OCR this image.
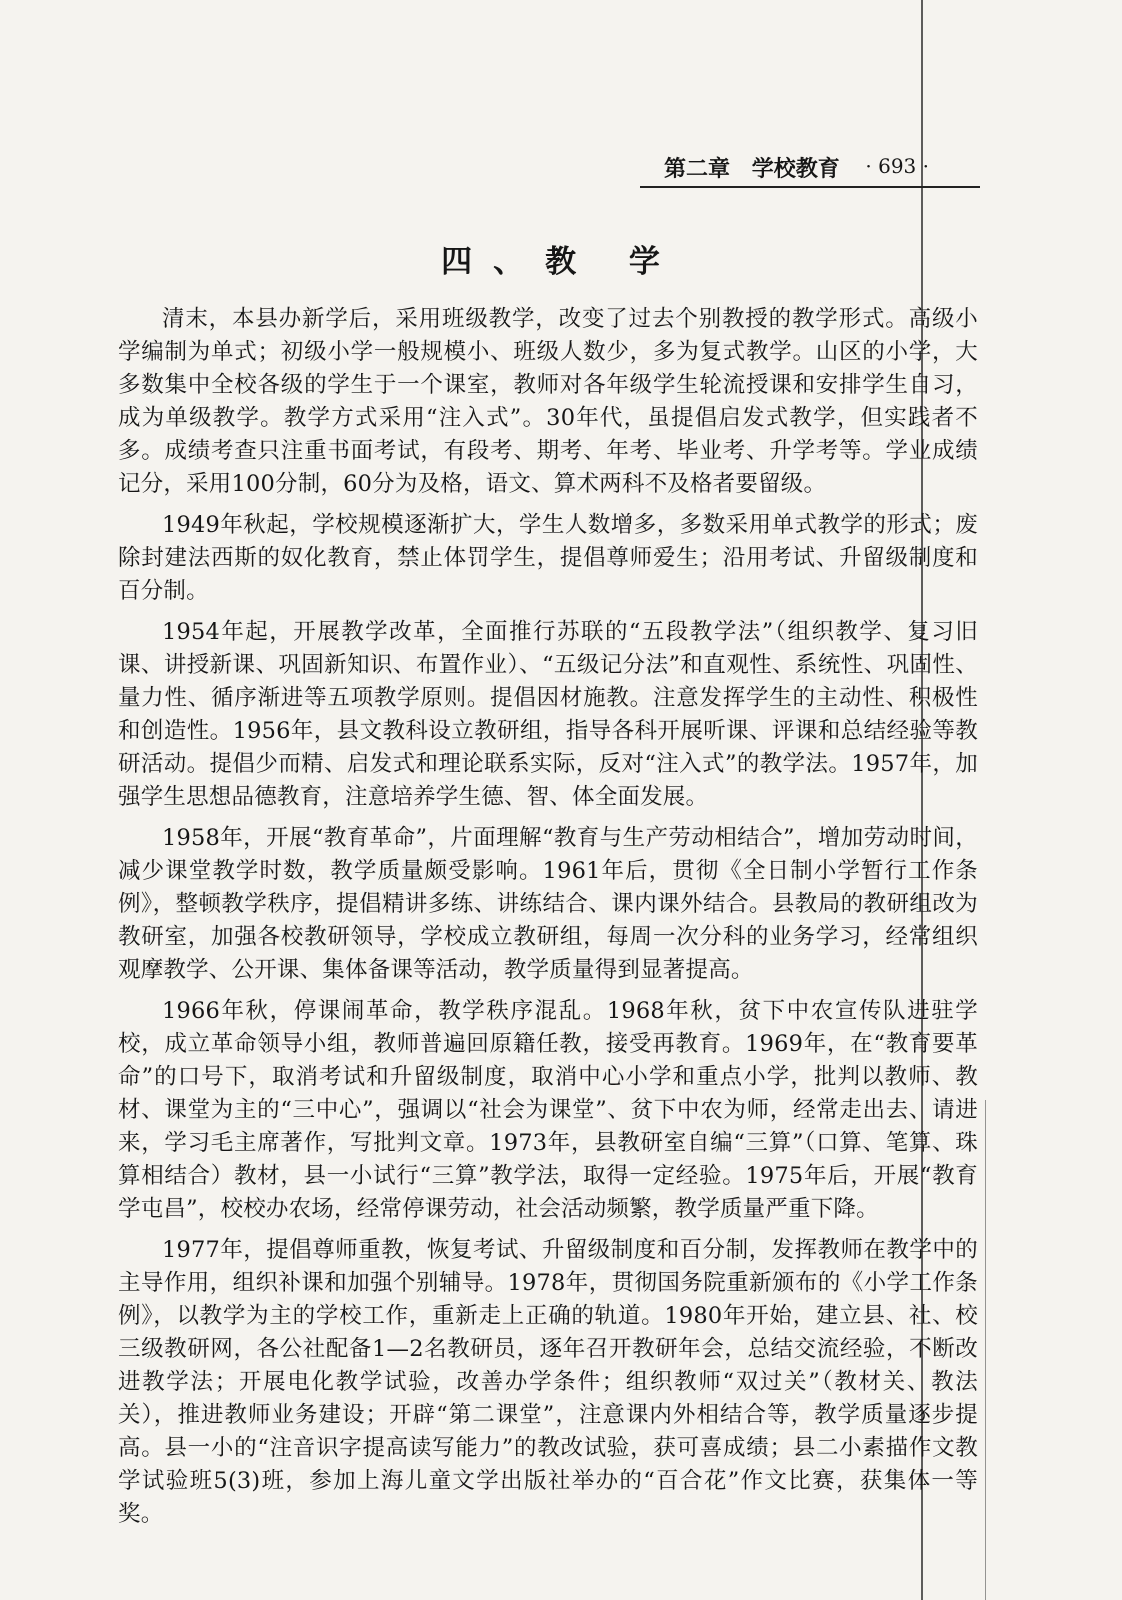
第二章 学校教育 · 693 ·
四、教 学

清末，本县办新学后，采用班级教学，改变了过去个别教授的教学形式。高级小学编制为单式；初级小学一般规模小、班级人数少，多为复式教学。山区的小学，大多数集中全校各级的学生于一个课室，教师对各年级学生轮流授课和安排学生自习，成为单级教学。教学方式采用“注入式”。30年代，虽提倡启发式教学，但实践者不多。成绩考查只注重书面考试，有段考、期考、年考、毕业考、升学考等。学业成绩记分，采用100分制，60分为及格，语文、算术两科不及格者要留级。

1949年秋起，学校规模逐渐扩大，学生人数增多，多数采用单式教学的形式；废除封建法西斯的奴化教育，禁止体罚学生，提倡尊师爱生；沿用考试、升留级制度和百分制。

1954年起，开展教学改革，全面推行苏联的“五段教学法”（组织教学、复习旧课、讲授新课、巩固新知识、布置作业）、“五级记分法”和直观性、系统性、巩固性、量力性、循序渐进等五项教学原则。提倡因材施教。注意发挥学生的主动性、积极性和创造性。1956年，县文教科设立教研组，指导各科开展听课、评课和总结经验等教研活动。提倡少而精、启发式和理论联系实际，反对“注入式”的教学法。1957年，加强学生思想品德教育，注意培养学生德、智、体全面发展。

1958年，开展“教育革命”，片面理解“教育与生产劳动相结合”，增加劳动时间，减少课堂教学时数，教学质量颇受影响。1961年后，贯彻《全日制小学暂行工作条例》，整顿教学秩序，提倡精讲多练、讲练结合、课内课外结合。县教局的教研组改为教研室，加强各校教研领导，学校成立教研组，每周一次分科的业务学习，经常组织观摩教学、公开课、集体备课等活动，教学质量得到显著提高。

1966年秋，停课闹革命，教学秩序混乱。1968年秋，贫下中农宣传队进驻学校，成立革命领导小组，教师普遍回原籍任教，接受再教育。1969年，在“教育要革命”的口号下，取消考试和升留级制度，取消中心小学和重点小学，批判以教师、教材、课堂为主的“三中心”，强调以“社会为课堂”、贫下中农为师，经常走出去、请进来，学习毛主席著作，写批判文章。1973年，县教研室自编“三算”（口算、笔算、珠算相结合）教材，县一小试行“三算”教学法，取得一定经验。1975年后，开展“教育学屯昌”，校校办农场，经常停课劳动，社会活动频繁，教学质量严重下降。

1977年，提倡尊师重教，恢复考试、升留级制度和百分制，发挥教师在教学中的主导作用，组织补课和加强个别辅导。1978年，贯彻国务院重新颁布的《小学工作条例》，以教学为主的学校工作，重新走上正确的轨道。1980年开始，建立县、社、校三级教研网，各公社配备1—2名教研员，逐年召开教研年会，总结交流经验，不断改进教学法；开展电化教学试验，改善办学条件；组织教师“双过关”（教材关、教法关），推进教师业务建设；开辟“第二课堂”，注意课内外相结合等，教学质量逐步提高。县一小的“注音识字提高读写能力”的教改试验，获可喜成绩；县二小素描作文教学试验班5(3)班，参加上海儿童文学出版社举办的“百合花”作文比赛，获集体一等奖。
